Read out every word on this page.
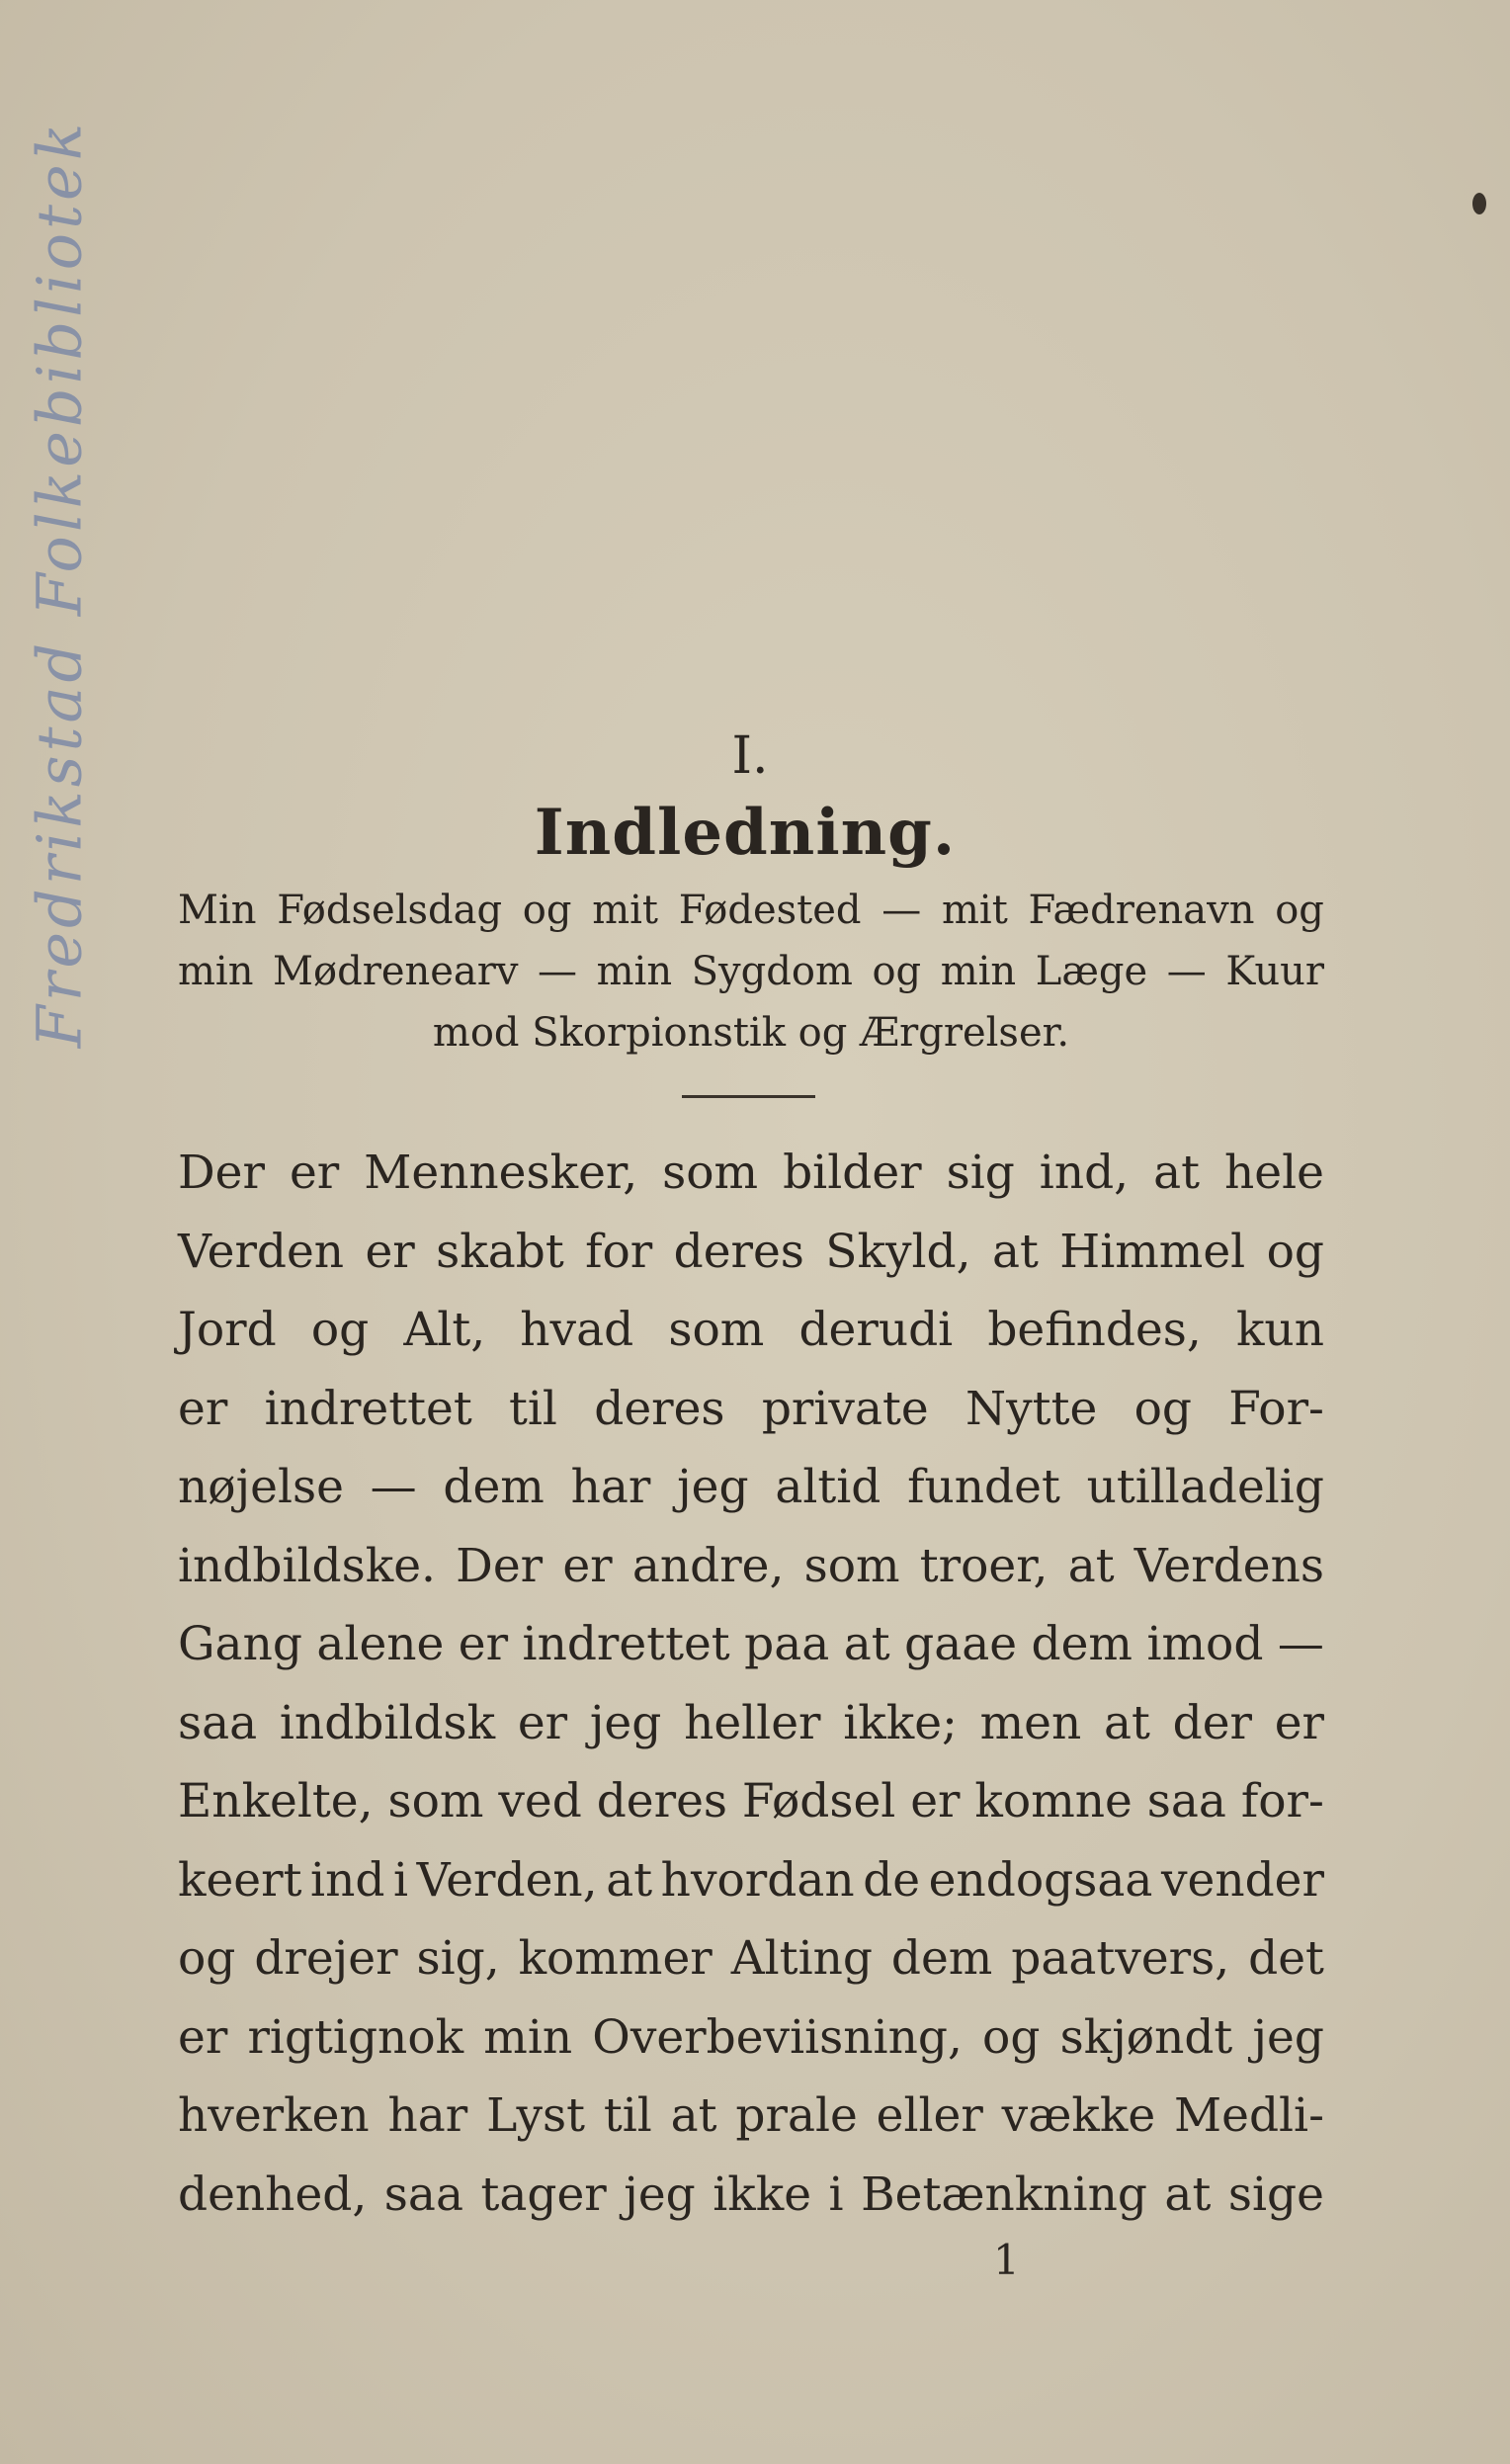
Fredrikstad Folkebibliotek	I.
Indledning.
Min Fødselsdag og mit Fødested — mit Fædrenavn og
min Mødrenearv — min Sygdom og min Læge — Kuur
mod Skorpionstik og Ærgrelser.
Der er Mennesker, som bilder sig ind, at hele
Verden er skabt for deres Skyld, at Himmel og
Jord og Alt, hvad som derudi befindes, kun
er indrettet til deres private Nytte og For-
nøjelse — dem har jeg altid fundet utilladelig
indbildske. Der er andre, som troer, at Verdens
Gang alene er indrettet paa at gaae dem imod —
saa indbildsk er jeg heller ikke; men at der er
Enkelte, som ved deres Fødsel er komne saa for-
keert ind i Verden, at hvordan de endogsaa vender
og drejer sig, kommer Alting dem paatvers, det
er rigtignok min Overbeviisning, og skjøndt jeg
hverken har Lyst til at prale eller vække Medli-
denhed, saa tager jeg ikke i Betænkning at sige
1
